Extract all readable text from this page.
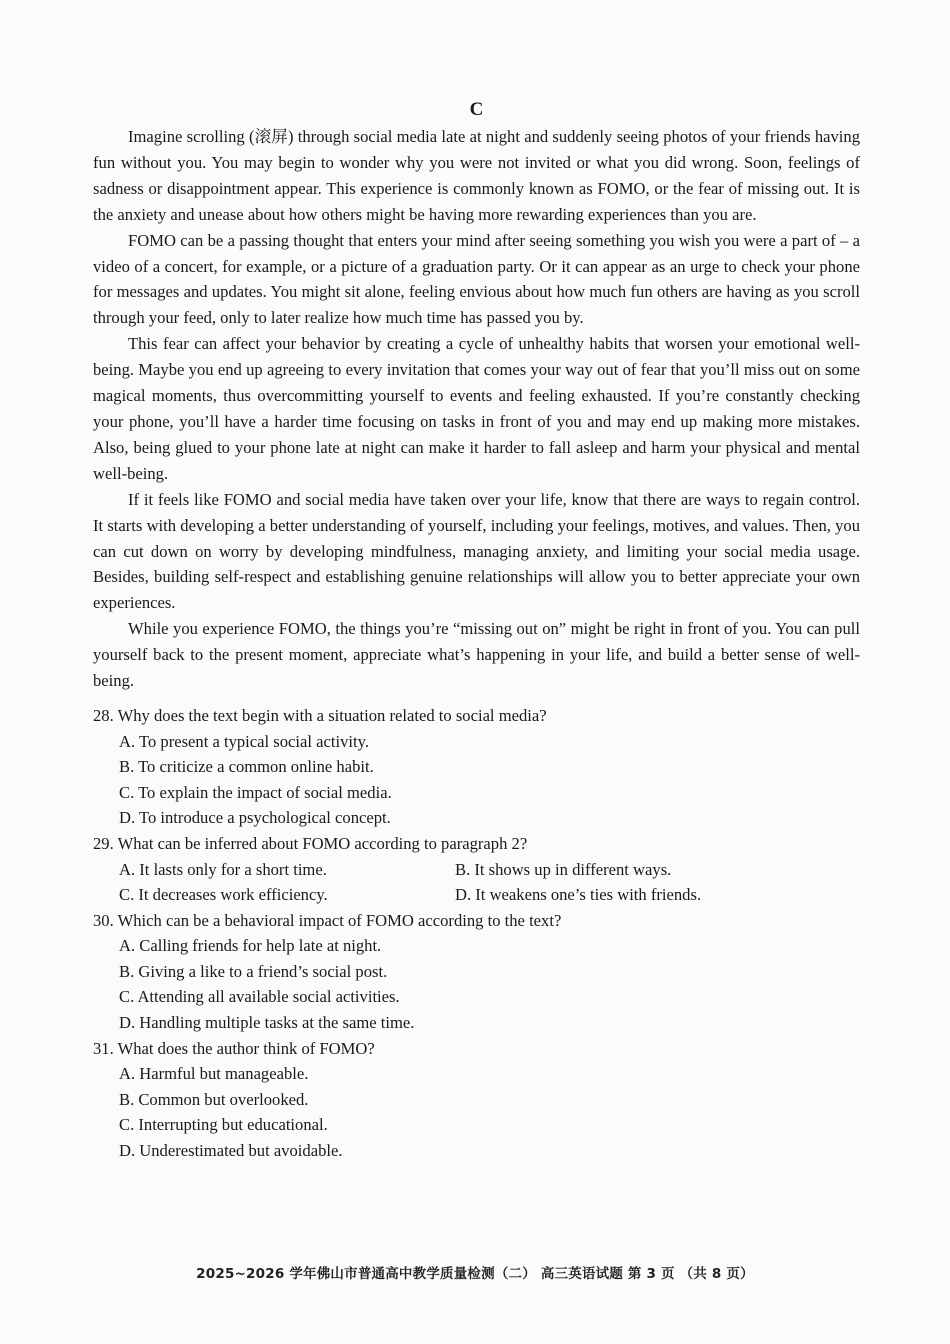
C

Imagine scrolling (滚屏) through social media late at night and suddenly seeing photos of your friends having fun without you. You may begin to wonder why you were not invited or what you did wrong. Soon, feelings of sadness or disappointment appear. This experience is commonly known as FOMO, or the fear of missing out. It is the anxiety and unease about how others might be having more rewarding experiences than you are.

FOMO can be a passing thought that enters your mind after seeing something you wish you were a part of – a video of a concert, for example, or a picture of a graduation party. Or it can appear as an urge to check your phone for messages and updates. You might sit alone, feeling envious about how much fun others are having as you scroll through your feed, only to later realize how much time has passed you by.

This fear can affect your behavior by creating a cycle of unhealthy habits that worsen your emotional well-being. Maybe you end up agreeing to every invitation that comes your way out of fear that you’ll miss out on some magical moments, thus overcommitting yourself to events and feeling exhausted. If you’re constantly checking your phone, you’ll have a harder time focusing on tasks in front of you and may end up making more mistakes. Also, being glued to your phone late at night can make it harder to fall asleep and harm your physical and mental well-being.

If it feels like FOMO and social media have taken over your life, know that there are ways to regain control. It starts with developing a better understanding of yourself, including your feelings, motives, and values. Then, you can cut down on worry by developing mindfulness, managing anxiety, and limiting your social media usage. Besides, building self-respect and establishing genuine relationships will allow you to better appreciate your own experiences.

While you experience FOMO, the things you’re “missing out on” might be right in front of you. You can pull yourself back to the present moment, appreciate what’s happening in your life, and build a better sense of well-being.

28. Why does the text begin with a situation related to social media?

A. To present a typical social activity.
B. To criticize a common online habit.
C. To explain the impact of social media.
D. To introduce a psychological concept.

29. What can be inferred about FOMO according to paragraph 2?

A. It lasts only for a short time.	B. It shows up in different ways.
C. It decreases work efficiency.	D. It weakens one’s ties with friends.

30. Which can be a behavioral impact of FOMO according to the text?

A. Calling friends for help late at night.
B. Giving a like to a friend’s social post.
C. Attending all available social activities.
D. Handling multiple tasks at the same time.

31. What does the author think of FOMO?

A. Harmful but manageable.
B. Common but overlooked.
C. Interrupting but educational.
D. Underestimated but avoidable.
2025~2026 学年佛山市普通高中教学质量检测（二） 高三英语试题 第 3 页 （共 8 页）
